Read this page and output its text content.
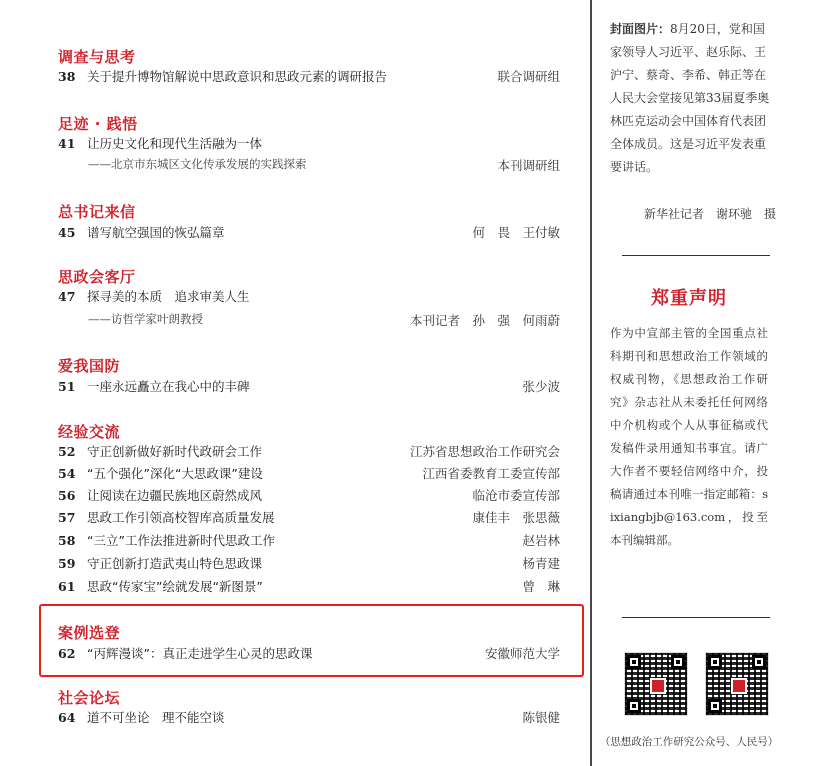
调查与思考
38 关于提升博物馆解说中思政意识和思政元素的调研报告	联合调研组
足迹 · 践悟
41 让历史文化和现代生活融为一体
——北京市东城区文化传承发展的实践探索	本刊调研组
总书记来信
45 谱写航空强国的恢弘篇章	何　畏　王付敏
思政会客厅
47 探寻美的本质　追求审美人生
——访哲学家叶朗教授	本刊记者　孙　强　何雨蔚
爱我国防
51 一座永远矗立在我心中的丰碑	张少波
经验交流
52 守正创新做好新时代政研会工作	江苏省思想政治工作研究会
54 “五个强化”深化“大思政课”建设	江西省委教育工委宣传部
56 让阅读在边疆民族地区蔚然成风	临沧市委宣传部
57 思政工作引领高校智库高质量发展	康佳丰　张思薇
58 “三立”工作法推进新时代思政工作	赵岩林
59 守正创新打造武夷山特色思政课	杨青建
61 思政“传家宝”绘就发展“新图景”	曾　琳
案例选登
62 “丙辉漫谈”：真正走进学生心灵的思政课	安徽师范大学
社会论坛
64 道不可坐论　理不能空谈	陈银健
封面图片：8月20日，党和国家领导人习近平、赵乐际、王沪宁、蔡奇、李希、韩正等在人民大会堂接见第33届夏季奥林匹克运动会中国体育代表团全体成员。这是习近平发表重要讲话。
新华社记者　谢环驰　摄
郑重声明
作为中宣部主管的全国重点社科期刊和思想政治工作领域的权威刊物，《思想政治工作研究》杂志社从未委托任何网络中介机构或个人从事征稿或代发稿件录用通知书事宜。请广大作者不要轻信网络中介，投稿请通过本刊唯一指定邮箱：sixiangbjb@163.com，投至本刊编辑部。
（思想政治工作研究公众号、人民号）
